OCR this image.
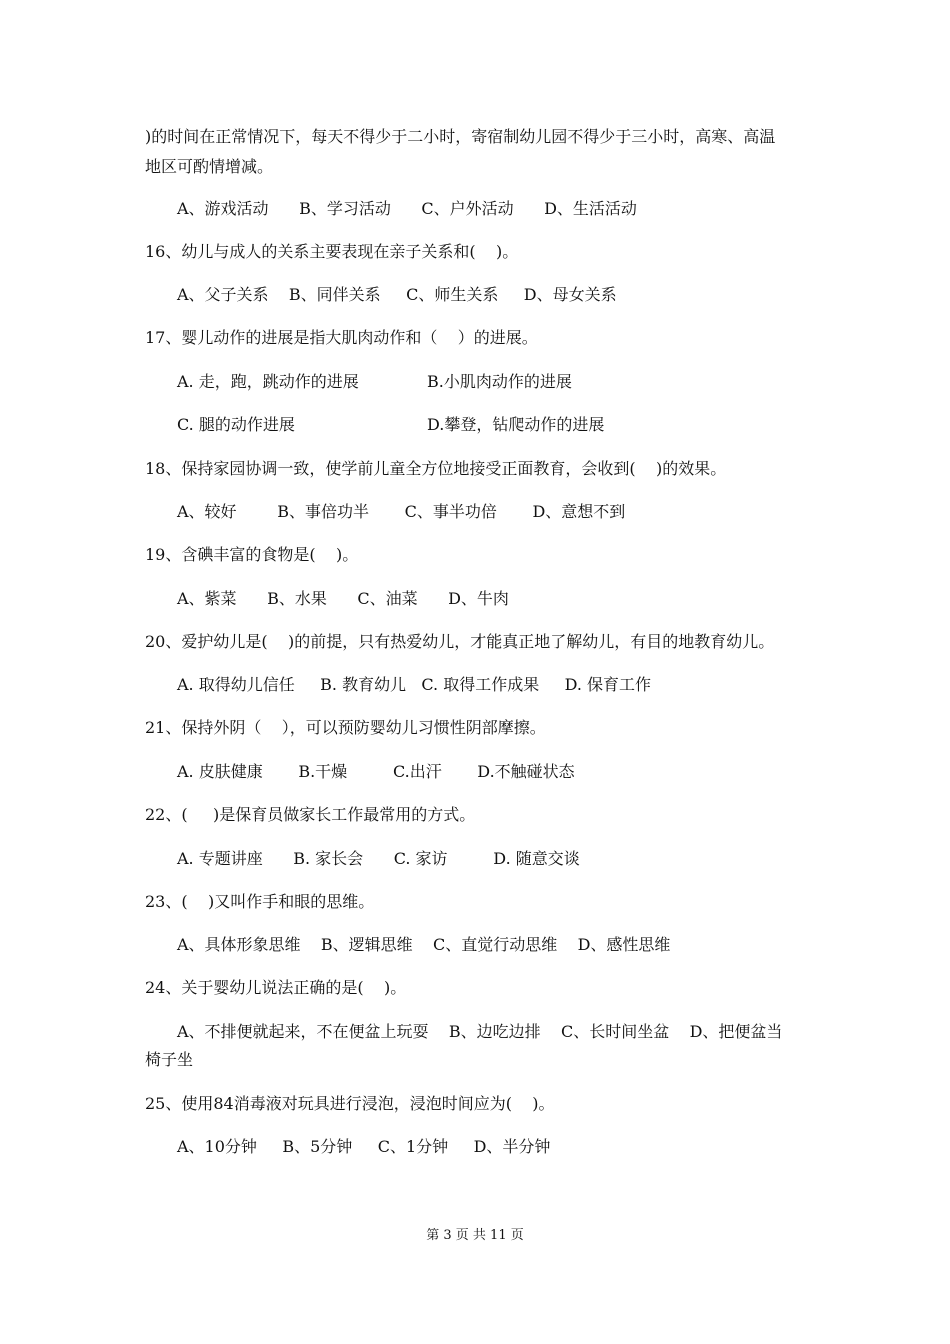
)的时间在正常情况下，每天不得少于二小时，寄宿制幼儿园不得少于三小时，高寒、高温
地区可酌情增减。
A、游戏活动      B、学习活动      C、户外活动      D、生活活动
16、幼儿与成人的关系主要表现在亲子关系和(    )。
A、父子关系    B、同伴关系     C、师生关系     D、母女关系
17、婴儿动作的进展是指大肌肉动作和（    ）的进展。
A. 走，跑，跳动作的进展	B.小肌肉动作的进展
C. 腿的动作进展	D.攀登，钻爬动作的进展
18、保持家园协调一致，使学前儿童全方位地接受正面教育，会收到(    )的效果。
A、较好        B、事倍功半       C、事半功倍       D、意想不到
19、含碘丰富的食物是(    )。
A、紫菜      B、水果      C、油菜      D、牛肉
20、爱护幼儿是(    )的前提，只有热爱幼儿，才能真正地了解幼儿，有目的地教育幼儿。
A. 取得幼儿信任     B. 教育幼儿   C. 取得工作成果     D. 保育工作
21、保持外阴（    ），可以预防婴幼儿习惯性阴部摩擦。
A. 皮肤健康       B.干燥         C.出汗       D.不触碰状态
22、(     )是保育员做家长工作最常用的方式。
A. 专题讲座      B. 家长会      C. 家访         D. 随意交谈
23、(    )又叫作手和眼的思维。
A、具体形象思维    B、逻辑思维    C、直觉行动思维    D、感性思维
24、关于婴幼儿说法正确的是(    )。
A、不排便就起来，不在便盆上玩耍    B、边吃边排    C、长时间坐盆    D、把便盆当
椅子坐
25、使用84消毒液对玩具进行浸泡，浸泡时间应为(    )。
A、10分钟     B、5分钟     C、1分钟     D、半分钟
第 3 页 共 11 页
